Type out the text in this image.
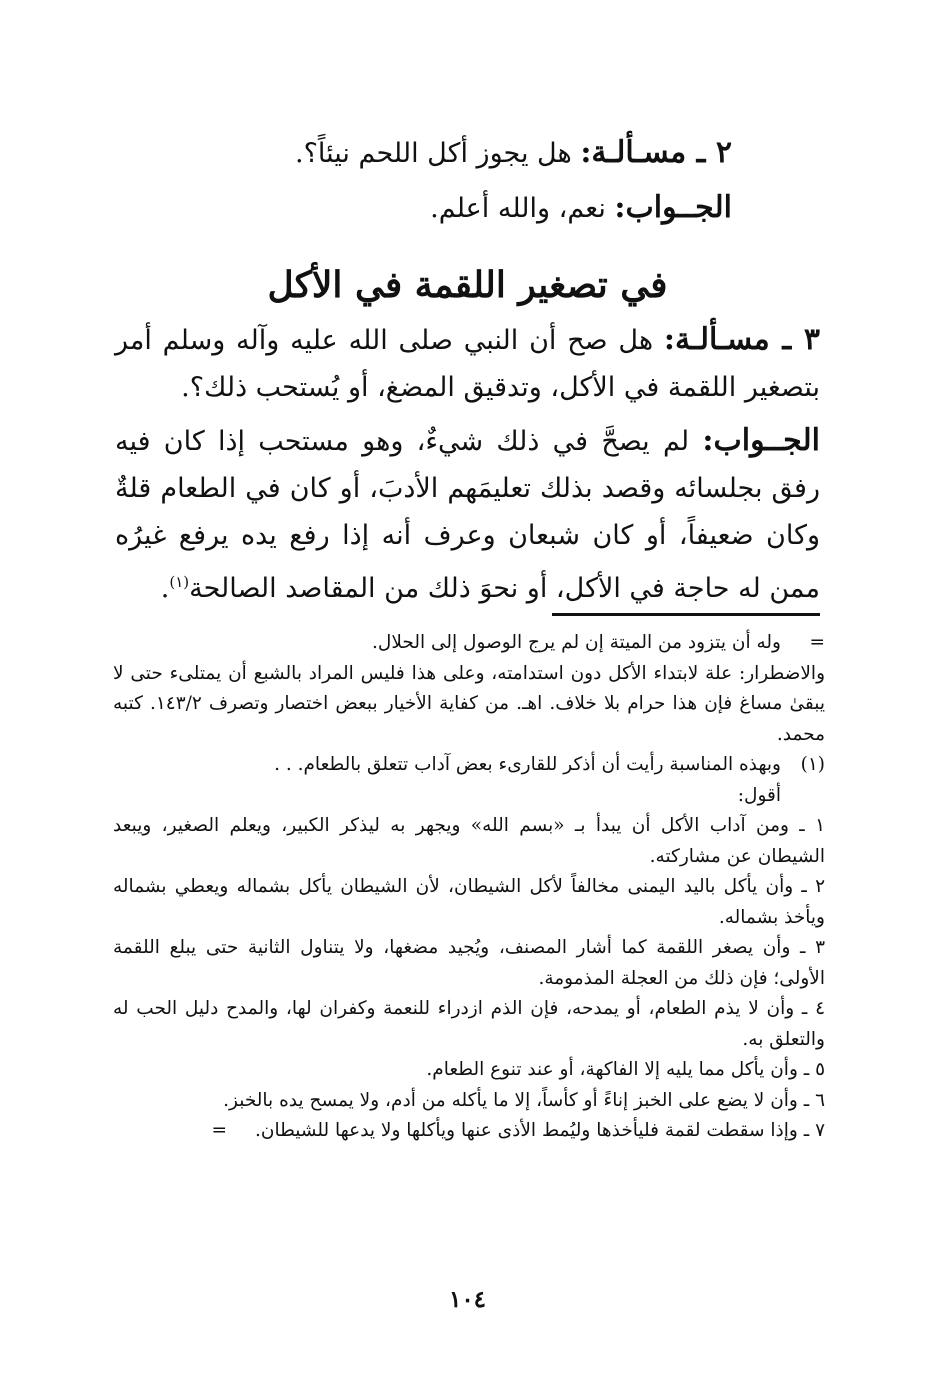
٢ ـ مسـألـة: هل يجوز أكل اللحم نيئاً؟.
الجــواب: نعم، والله أعلم.
في تصغير اللقمة في الأكل

٣ ـ مسـألـة: هل صح أن النبي صلى الله عليه وآله وسلم أمر بتصغير اللقمة في الأكل، وتدقيق المضغ، أو يُستحب ذلك؟.

الجــواب: لم يصحَّ في ذلك شيءٌ، وهو مستحب إذا كان فيه رفق بجلسائه وقصد بذلك تعليمَهم الأدبَ، أو كان في الطعام قلةٌ وكان ضعيفاً، أو كان شبعان وعرف أنه إذا رفع يده يرفع غيرُه ممن له حاجة في الأكل، أو نحوَ ذلك من المقاصد الصالحة$^{(١)}$.

=
وله أن يتزود من الميتة إن لم يرج الوصول إلى الحلال.
والاضطرار: علة لابتداء الأكل دون استدامته، وعلى هذا فليس المراد بالشبع أن يمتلىء حتى لا يبقىٰ مساغ فإن هذا حرام بلا خلاف. اهـ. من كفاية الأخيار ببعض اختصار وتصرف ١٤٣/٢. كتبه محمد.
(١)
وبهذه المناسبة رأيت أن أذكر للقارىء بعض آداب تتعلق بالطعام. . .
أقول:
١ ـ ومن آداب الأكل أن يبدأ بـ «بسم الله» ويجهر به ليذكر الكبير، ويعلم الصغير، ويبعد الشيطان عن مشاركته.
٢ ـ وأن يأكل باليد اليمنى مخالفاً لأكل الشيطان، لأن الشيطان يأكل بشماله ويعطي بشماله ويأخذ بشماله.
٣ ـ وأن يصغر اللقمة كما أشار المصنف، ويُجيد مضغها، ولا يتناول الثانية حتى يبلع اللقمة الأولى؛ فإن ذلك من العجلة المذمومة.
٤ ـ وأن لا يذم الطعام، أو يمدحه، فإن الذم ازدراء للنعمة وكفران لها، والمدح دليل الحب له والتعلق به.
٥ ـ وأن يأكل مما يليه إلا الفاكهة، أو عند تنوع الطعام.
٦ ـ وأن لا يضع على الخبز إناءً أو كأساً، إلا ما يأكله من أدم، ولا يمسح يده بالخبز.
٧ ـ وإذا سقطت لقمة فليأخذها وليُمط الأذى عنها ويأكلها ولا يدعها للشيطان.=
١٠٤
